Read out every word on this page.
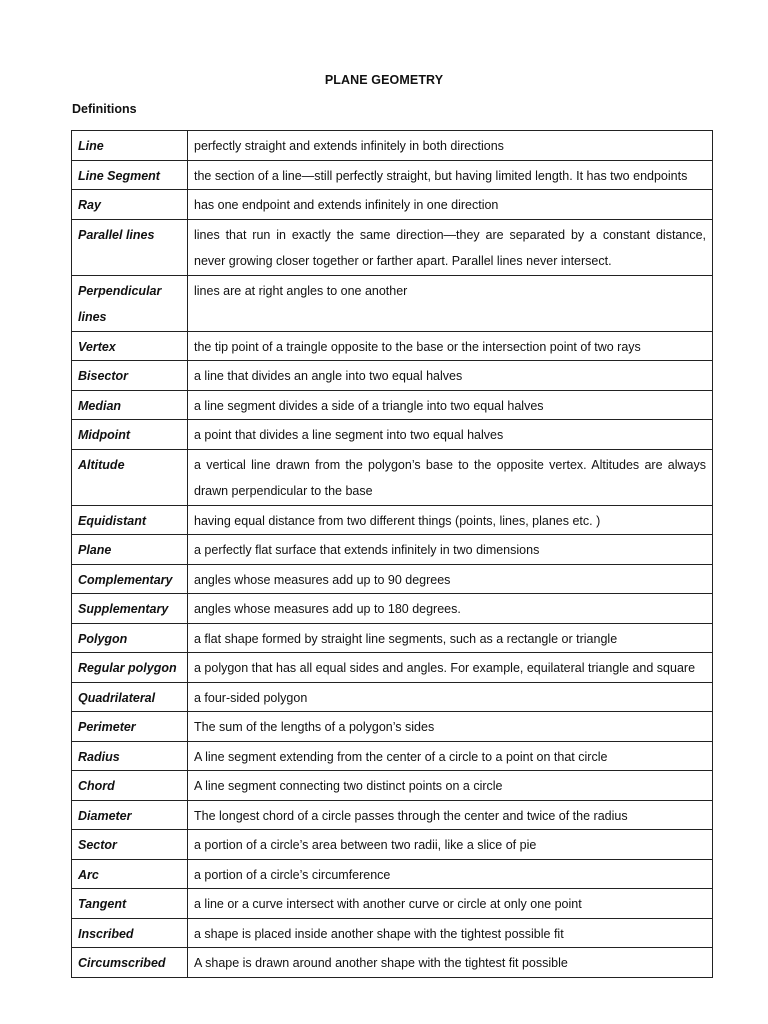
PLANE GEOMETRY
Definitions
Line	perfectly straight and extends infinitely in both directions
Line Segment	the section of a line—still perfectly straight, but having limited length. It has two endpoints
Ray	has one endpoint and extends infinitely in one direction
Parallel lines	lines that run in exactly the same direction—they are separated by a constant distance, never growing closer together or farther apart. Parallel lines never intersect.
Perpendicular lines	lines are at right angles to one another
Vertex	the tip point of a traingle opposite to the base or the intersection point of two rays
Bisector	a line that divides an angle into two equal halves
Median	a line segment divides a side of a triangle into two equal halves
Midpoint	a point that divides a line segment into two equal halves
Altitude	a vertical line drawn from the polygon’s base to the opposite vertex. Altitudes are always drawn perpendicular to the base
Equidistant	having equal distance from two different things (points, lines, planes etc. )
Plane	a perfectly flat surface that extends infinitely in two dimensions
Complementary	angles whose measures add up to 90 degrees
Supplementary	angles whose measures add up to 180 degrees.
Polygon	a flat shape formed by straight line segments, such as a rectangle or triangle
Regular polygon	a polygon that has all equal sides and angles. For example, equilateral triangle and square
Quadrilateral	a four-sided polygon
Perimeter	The sum of the lengths of a polygon’s sides
Radius	A line segment extending from the center of a circle to a point on that circle
Chord	A line segment connecting two distinct points on a circle
Diameter	The longest chord of a circle passes through the center and twice of the radius
Sector	a portion of a circle’s area between two radii, like a slice of pie
Arc	a portion of a circle’s circumference
Tangent	a line or a curve intersect with another curve or circle at only one point
Inscribed	a shape is placed inside another shape with the tightest possible fit
Circumscribed	A shape is drawn around another shape with the tightest fit possible
